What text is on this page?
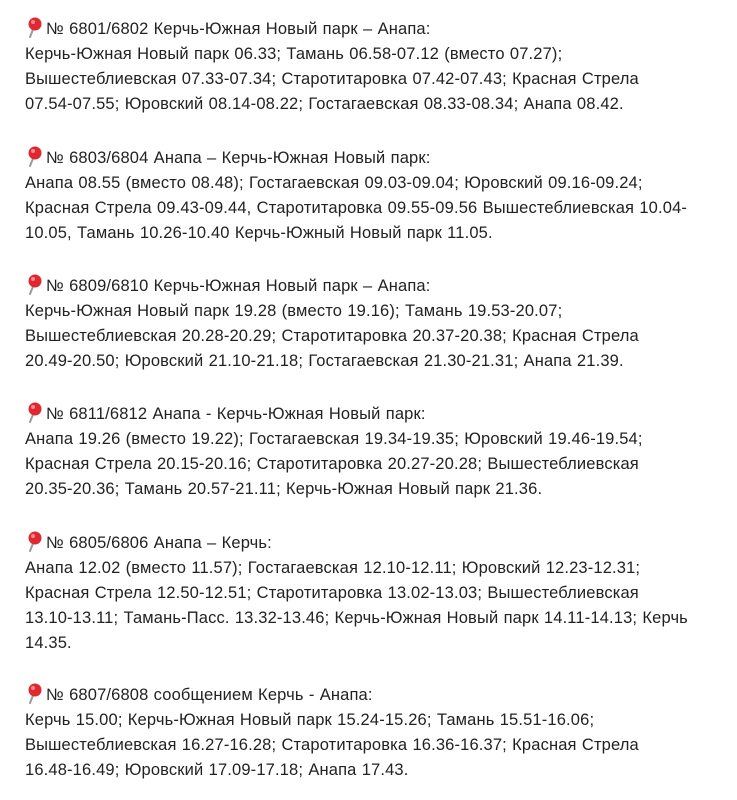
№ 6801/6802 Керчь-Южная Новый парк – Анапа:
Керчь-Южная Новый парк 06.33; Тамань 06.58-07.12 (вместо 07.27);
Вышестеблиевская 07.33-07.34; Старотитаровка 07.42-07.43; Красная Стрела
07.54-07.55; Юровский 08.14-08.22; Гостагаевская 08.33-08.34; Анапа 08.42.
№ 6803/6804 Анапа – Керчь-Южная Новый парк:
Анапа 08.55 (вместо 08.48); Гостагаевская 09.03-09.04; Юровский 09.16-09.24;
Красная Стрела 09.43-09.44, Старотитаровка 09.55-09.56 Вышестеблиевская 10.04-
10.05, Тамань 10.26-10.40 Керчь-Южный Новый парк 11.05.
№ 6809/6810 Керчь-Южная Новый парк – Анапа:
Керчь-Южная Новый парк 19.28 (вместо 19.16); Тамань 19.53-20.07;
Вышестеблиевская 20.28-20.29; Старотитаровка 20.37-20.38; Красная Стрела
20.49-20.50; Юровский 21.10-21.18; Гостагаевская 21.30-21.31; Анапа 21.39.
№ 6811/6812 Анапа - Керчь-Южная Новый парк:
Анапа 19.26 (вместо 19.22); Гостагаевская 19.34-19.35; Юровский 19.46-19.54;
Красная Стрела 20.15-20.16; Старотитаровка 20.27-20.28; Вышестеблиевская
20.35-20.36; Тамань 20.57-21.11; Керчь-Южная Новый парк 21.36.
№ 6805/6806 Анапа – Керчь:
Анапа 12.02 (вместо 11.57); Гостагаевская 12.10-12.11; Юровский 12.23-12.31;
Красная Стрела 12.50-12.51; Старотитаровка 13.02-13.03; Вышестеблиевская
13.10-13.11; Тамань-Пасс. 13.32-13.46; Керчь-Южная Новый парк 14.11-14.13; Керчь
14.35.
№ 6807/6808 сообщением Керчь - Анапа:
Керчь 15.00; Керчь-Южная Новый парк 15.24-15.26; Тамань 15.51-16.06;
Вышестеблиевская 16.27-16.28; Старотитаровка 16.36-16.37; Красная Стрела
16.48-16.49; Юровский 17.09-17.18; Анапа 17.43.
